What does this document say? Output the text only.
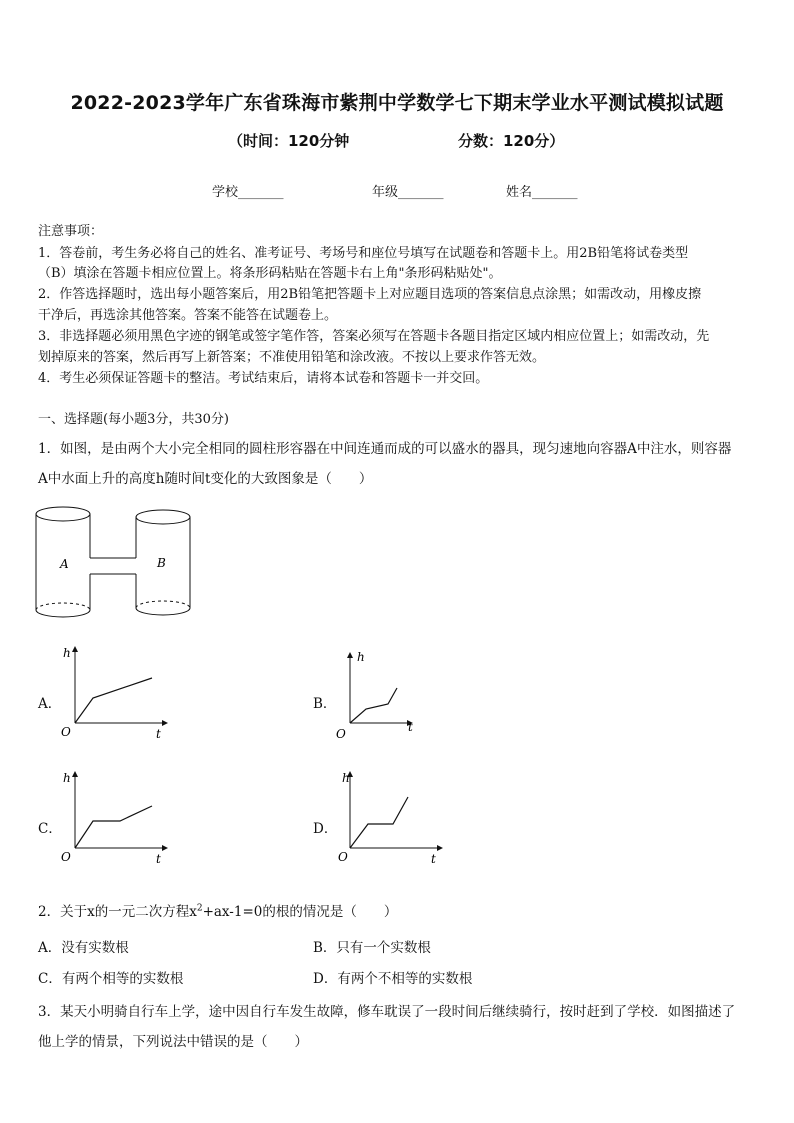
2022-2023学年广东省珠海市紫荆中学数学七下期末学业水平测试模拟试题
（时间：120分钟	分数：120分）
学校_______	年级_______	姓名_______
注意事项：
1．答卷前，考生务必将自己的姓名、准考证号、考场号和座位号填写在试题卷和答题卡上。用2B铅笔将试卷类型
（B）填涂在答题卡相应位置上。将条形码粘贴在答题卡右上角"条形码粘贴处"。
2．作答选择题时，选出每小题答案后，用2B铅笔把答题卡上对应题目选项的答案信息点涂黑；如需改动，用橡皮擦
干净后，再选涂其他答案。答案不能答在试题卷上。
3．非选择题必须用黑色字迹的钢笔或签字笔作答，答案必须写在答题卡各题目指定区域内相应位置上；如需改动，先
划掉原来的答案，然后再写上新答案；不准使用铅笔和涂改液。不按以上要求作答无效。
4．考生必须保证答题卡的整洁。考试结束后，请将本试卷和答题卡一并交回。
一、选择题(每小题3分，共30分)
1．如图，是由两个大小完全相同的圆柱形容器在中间连通而成的可以盛水的器具，现匀速地向容器A中注水，则容器
A中水面上升的高度h随时间t变化的大致图象是（　　）
A	B
A．
h
t
O
B．
h
t
O
C．
h
t
O
D．
h
t
O
2．关于x的一元二次方程$x^2+ax-1=0$的根的情况是（　　）
A．没有实数根	B．只有一个实数根
C．有两个相等的实数根	D．有两个不相等的实数根
3．某天小明骑自行车上学，途中因自行车发生故障，修车耽误了一段时间后继续骑行，按时赶到了学校．如图描述了
他上学的情景，下列说法中错误的是（　　）
